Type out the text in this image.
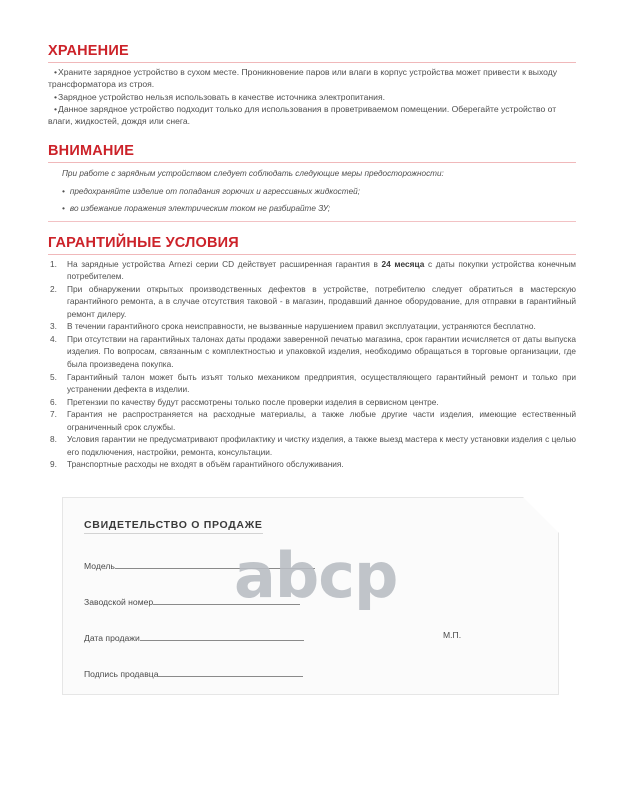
ХРАНЕНИЕ
• Храните зарядное устройство в сухом месте. Проникновение паров или влаги в корпус устройства может привести к выходу трансформатора из строя.
• Зарядное устройство нельзя использовать в качестве источника электропитания.
• Данное зарядное устройство подходит только для использования в проветриваемом помещении. Оберегайте устройство от влаги, жидкостей, дождя или снега.
ВНИМАНИЕ

При работе с зарядным устройством следует соблюдать следующие меры предосторожности:

• предохраняйте изделие от попадания горючих и агрессивных жидкостей;
• во избежание поражения электрическим током не разбирайте ЗУ;
ГАРАНТИЙНЫЕ УСЛОВИЯ
На зарядные устройства Arnezi серии CD действует расширенная гарантия в 24 месяца с даты покупки устройства конечным потребителем.
При обнаружении открытых производственных дефектов в устройстве, потребителю следует обратиться в мастерскую гарантийного ремонта, а в случае отсутствия таковой - в магазин, продавший данное оборудование, для отправки в гарантийный ремонт дилеру.
В течении гарантийного срока неисправности, не вызванные нарушением правил эксплуатации, устраняются бесплатно.
При отсутствии на гарантийных талонах даты продажи заверенной печатью магазина, срок гарантии исчисляется от даты выпуска изделия. По вопросам, связанным с комплектностью и упаковкой изделия, необходимо обращаться в торговые организации, где была произведена покупка.
Гарантийный талон может быть изъят только механиком предприятия, осуществляющего гарантийный ремонт и только при устранении дефекта в изделии.
Претензии по качеству будут рассмотрены только после проверки изделия в сервисном центре.
Гарантия не распространяется на расходные материалы, а также любые другие части изделия, имеющие естественный ограниченный срок службы.
Условия гарантии не предусматривают профилактику и чистку изделия, а также выезд мастера к месту установки изделия с целью его подключения, настройки, ремонта, консультации.
Транспортные расходы не входят в объём гарантийного обслуживания.
СВИДЕТЕЛЬСТВО О ПРОДАЖЕ
Модель
Заводской номер
Дата продажи
Подпись продавца
М.П.
abcp
